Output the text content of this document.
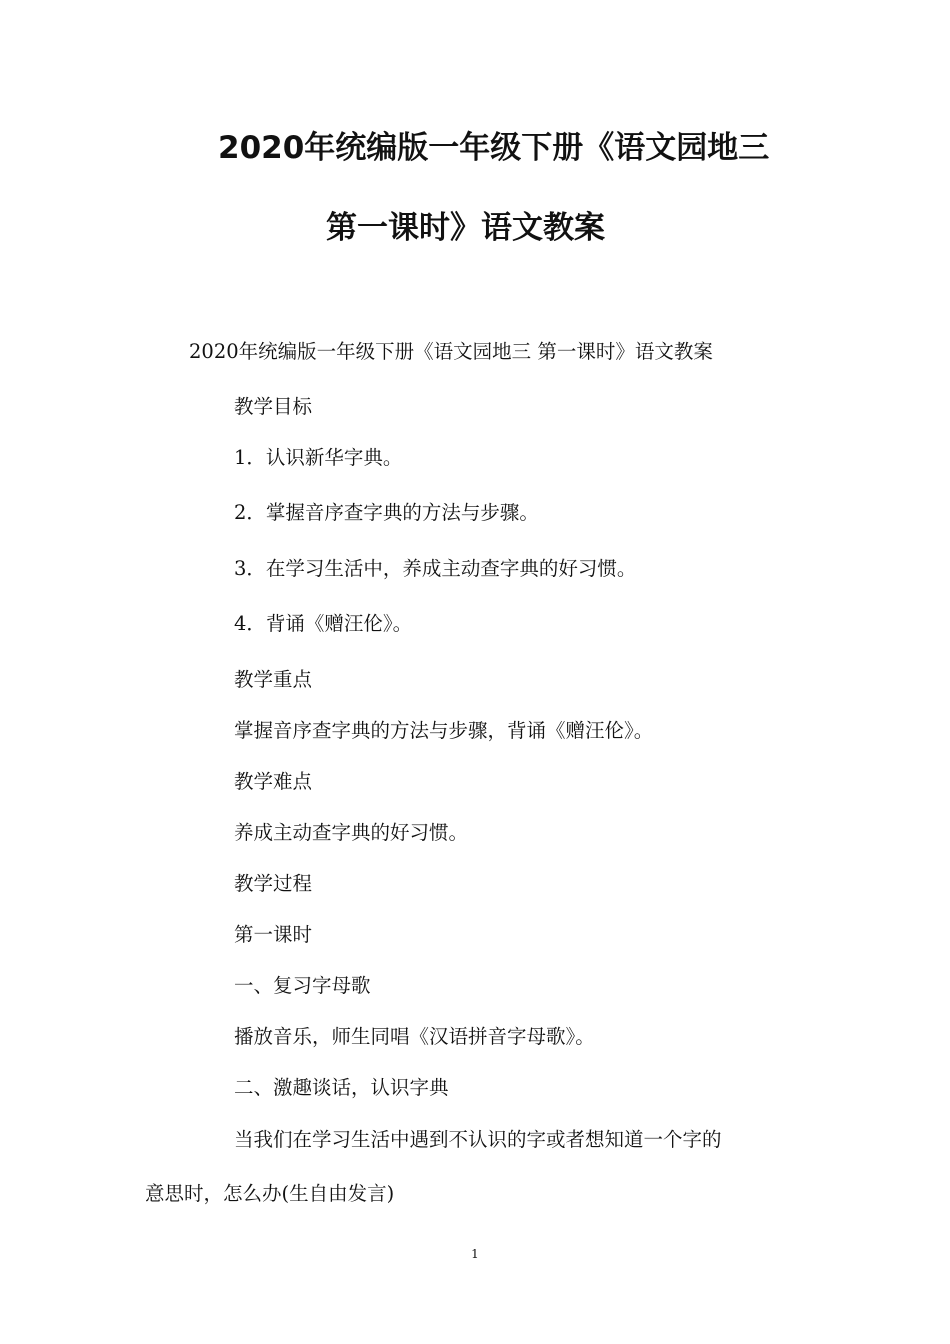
2020年统编版一年级下册《语文园地三
第一课时》语文教案
2020年统编版一年级下册《语文园地三 第一课时》语文教案
教学目标
1．认识新华字典。
2．掌握音序查字典的方法与步骤。
3．在学习生活中，养成主动查字典的好习惯。
4．背诵《赠汪伦》。
教学重点
掌握音序查字典的方法与步骤，背诵《赠汪伦》。
教学难点
养成主动查字典的好习惯。
教学过程
第一课时
一、复习字母歌
播放音乐，师生同唱《汉语拼音字母歌》。
二、激趣谈话，认识字典
当我们在学习生活中遇到不认识的字或者想知道一个字的
意思时，怎么办(生自由发言)
1
